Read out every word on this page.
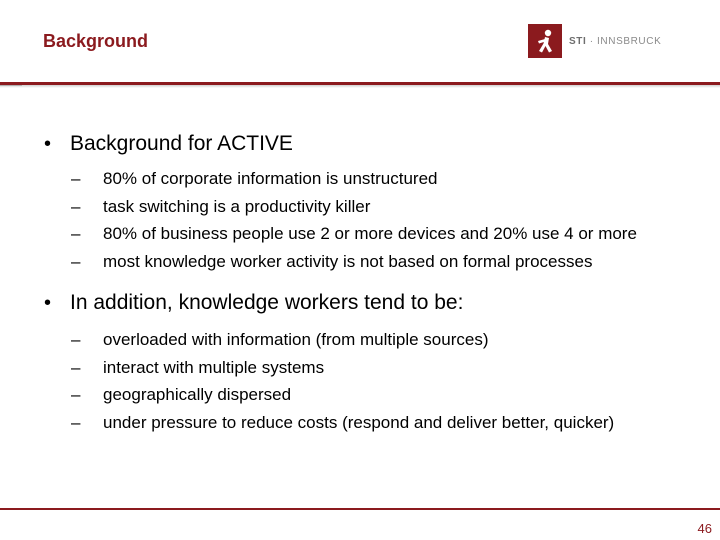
Background	STI · INNSBRUCK
• Background for ACTIVE
–	80% of corporate information is unstructured
–	task switching is a productivity killer
–	80% of business people use 2 or more devices and 20% use 4 or more
–	most knowledge worker activity is not based on formal processes
• In addition, knowledge workers tend to be:
–	overloaded with information (from multiple sources)
–	interact with multiple systems
–	geographically dispersed
–	under pressure to reduce costs (respond and deliver better, quicker)
46
